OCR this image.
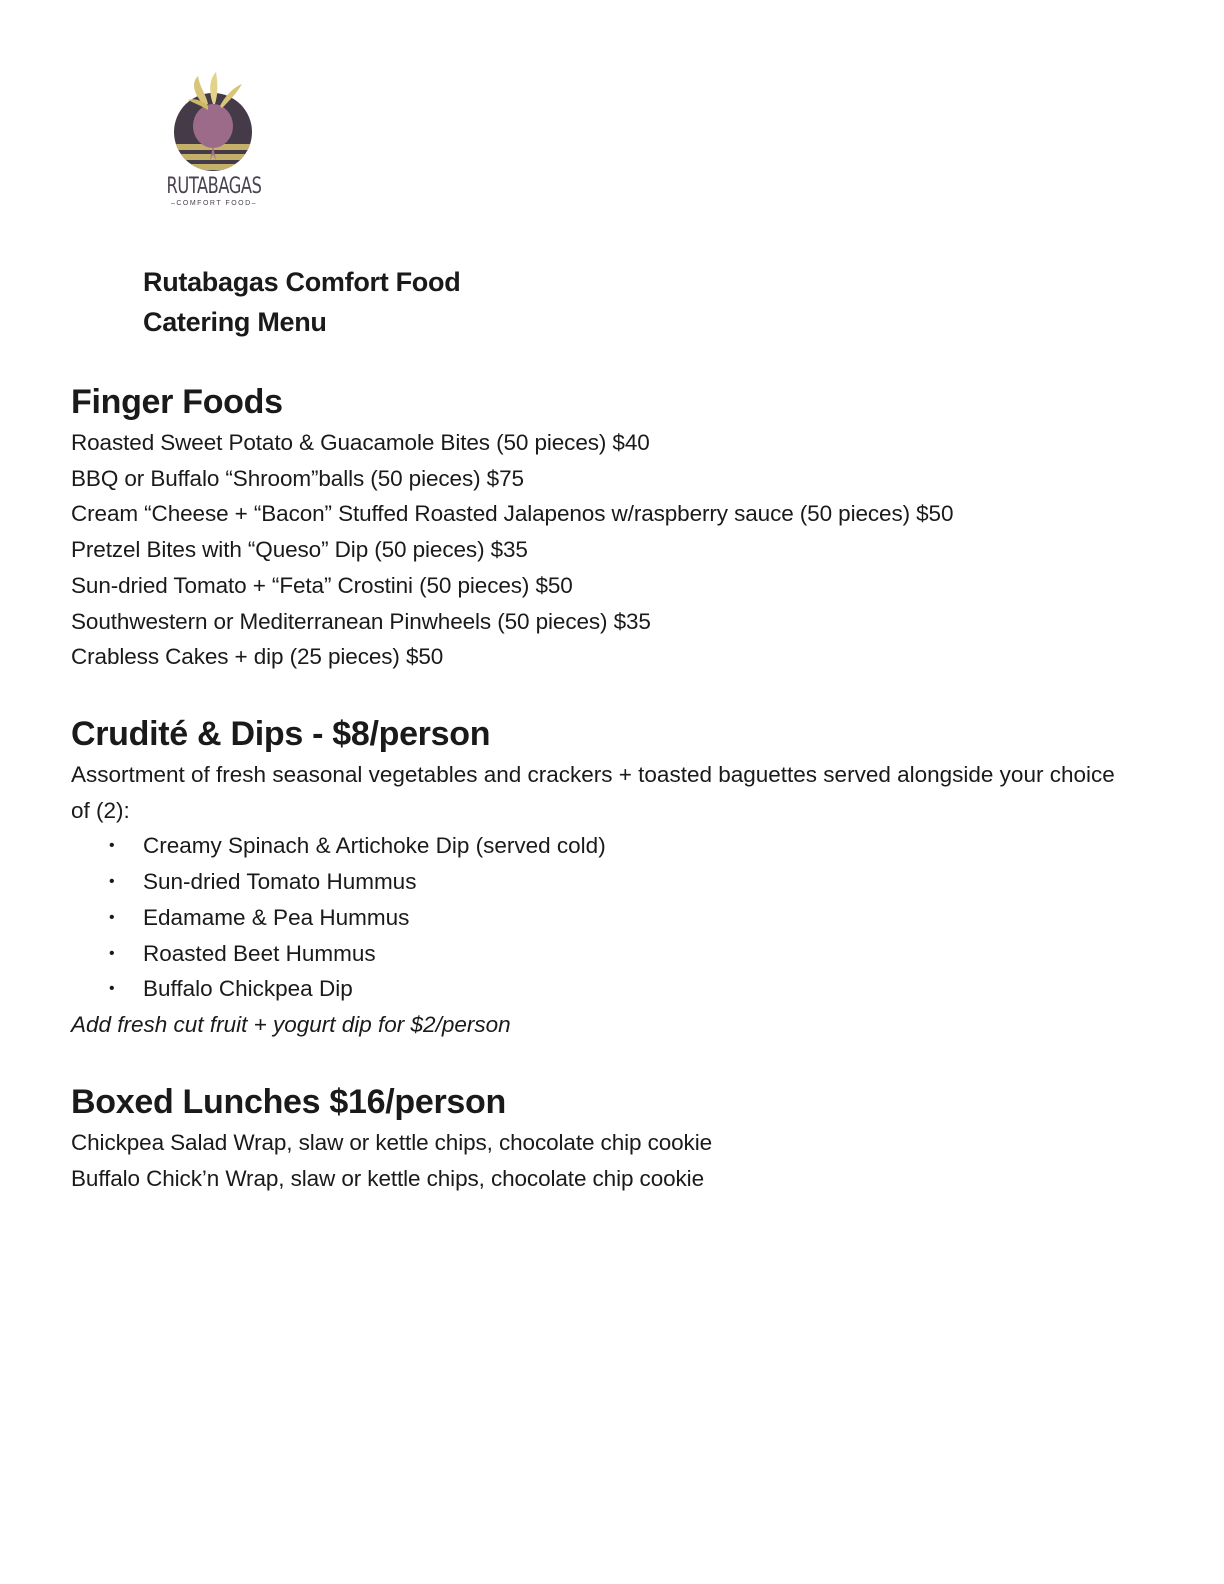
RUTABAGAS
–COMFORT FOOD–
Rutabagas Comfort Food
Catering Menu
Finger Foods
Roasted Sweet Potato & Guacamole Bites (50 pieces) $40
BBQ or Buffalo “Shroom”balls (50 pieces) $75
Cream “Cheese + “Bacon” Stuffed Roasted Jalapenos w/raspberry sauce (50 pieces) $50
Pretzel Bites with “Queso” Dip (50 pieces) $35
Sun-dried Tomato + “Feta” Crostini (50 pieces) $50
Southwestern or Mediterranean Pinwheels (50 pieces) $35
Crabless Cakes + dip (25 pieces) $50
Crudité & Dips - $8/person
Assortment of fresh seasonal vegetables and crackers + toasted baguettes served alongside your choice of (2):
• Creamy Spinach & Artichoke Dip (served cold)
• Sun-dried Tomato Hummus
• Edamame & Pea Hummus
• Roasted Beet Hummus
• Buffalo Chickpea Dip
Add fresh cut fruit + yogurt dip for $2/person
Boxed Lunches $16/person
Chickpea Salad Wrap, slaw or kettle chips, chocolate chip cookie
Buffalo Chick’n Wrap, slaw or kettle chips, chocolate chip cookie
